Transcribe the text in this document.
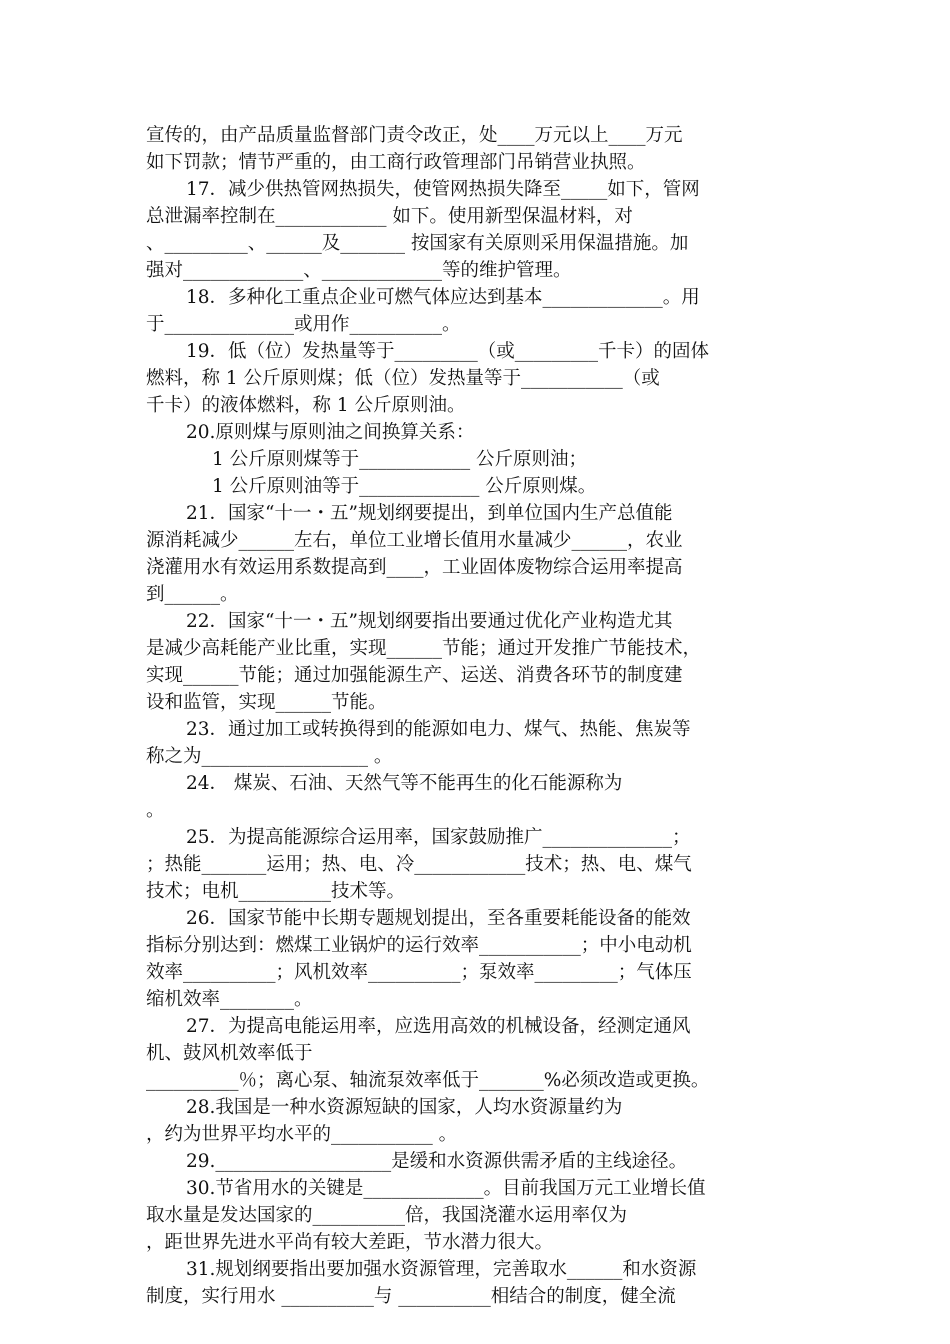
宣传的，由产品质量监督部门责令改正，处____万元以上____万元
如下罚款；情节严重的，由工商行政管理部门吊销营业执照。
17．减少供热管网热损失，使管网热损失降至_____如下，管网
总泄漏率控制在____________ 如下。使用新型保温材料，对
、_________、______及_______ 按国家有关原则采用保温措施。加
强对_____________、_____________等的维护管理。
18．多种化工重点企业可燃气体应达到基本_____________。用
于______________或用作__________。
19．低（位）发热量等于_________（或_________千卡）的固体
燃料，称 1 公斤原则煤；低（位）发热量等于___________（或
千卡）的液体燃料，称 1 公斤原则油。
20.原则煤与原则油之间换算关系：
1 公斤原则煤等于____________ 公斤原则油；
1 公斤原则油等于_____________ 公斤原则煤。
21．国家“十一・五”规划纲要提出，到单位国内生产总值能
源消耗减少______左右，单位工业增长值用水量减少______，农业
浇灌用水有效运用系数提高到____，工业固体废物综合运用率提高
到______。
22．国家“十一・五”规划纲要指出要通过优化产业构造尤其
是减少高耗能产业比重，实现______节能；通过开发推广节能技术，
实现______节能；通过加强能源生产、运送、消费各环节的制度建
设和监管，实现______节能。
23．通过加工或转换得到的能源如电力、煤气、热能、焦炭等
称之为__________________ 。
24． 煤炭、石油、天然气等不能再生的化石能源称为
。
25．为提高能源综合运用率，国家鼓励推广______________；
；热能_______运用；热、电、冷____________技术；热、电、煤气
技术；电机__________技术等。
26．国家节能中长期专题规划提出，至各重要耗能设备的能效
指标分别达到：燃煤工业锅炉的运行效率___________；中小电动机
效率__________；风机效率__________；泵效率_________；气体压
缩机效率________。
27．为提高电能运用率，应选用高效的机械设备，经测定通风
机、鼓风机效率低于
__________％；离心泵、轴流泵效率低于_______%必须改造或更换。
28.我国是一种水资源短缺的国家，人均水资源量约为
，约为世界平均水平的___________ 。
29.___________________是缓和水资源供需矛盾的主线途径。
30.节省用水的关键是_____________。目前我国万元工业增长值
取水量是发达国家的__________倍，我国浇灌水运用率仅为
，距世界先进水平尚有较大差距，节水潜力很大。
31.规划纲要指出要加强水资源管理，完善取水______和水资源
制度，实行用水 __________与 __________相结合的制度，健全流
